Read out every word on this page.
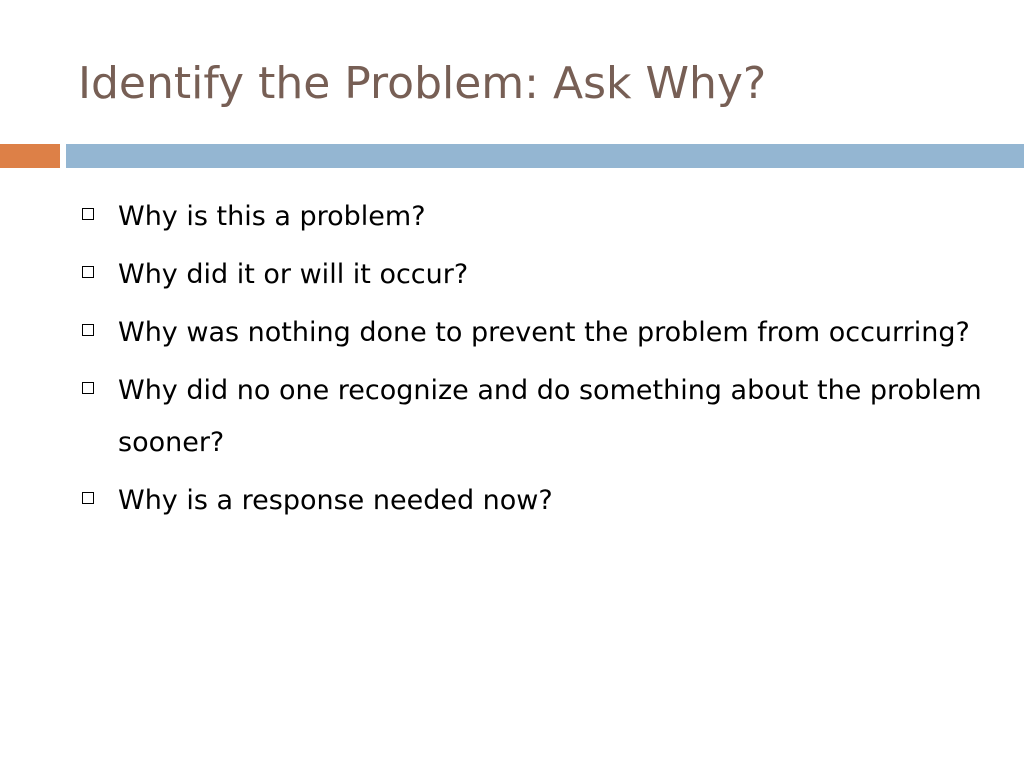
Identify the Problem: Ask Why?
Why is this a problem?
Why did it or will it occur?
Why was nothing done to prevent the problem from occurring?
Why did no one recognize and do something about the problem sooner?
Why is a response needed now?
